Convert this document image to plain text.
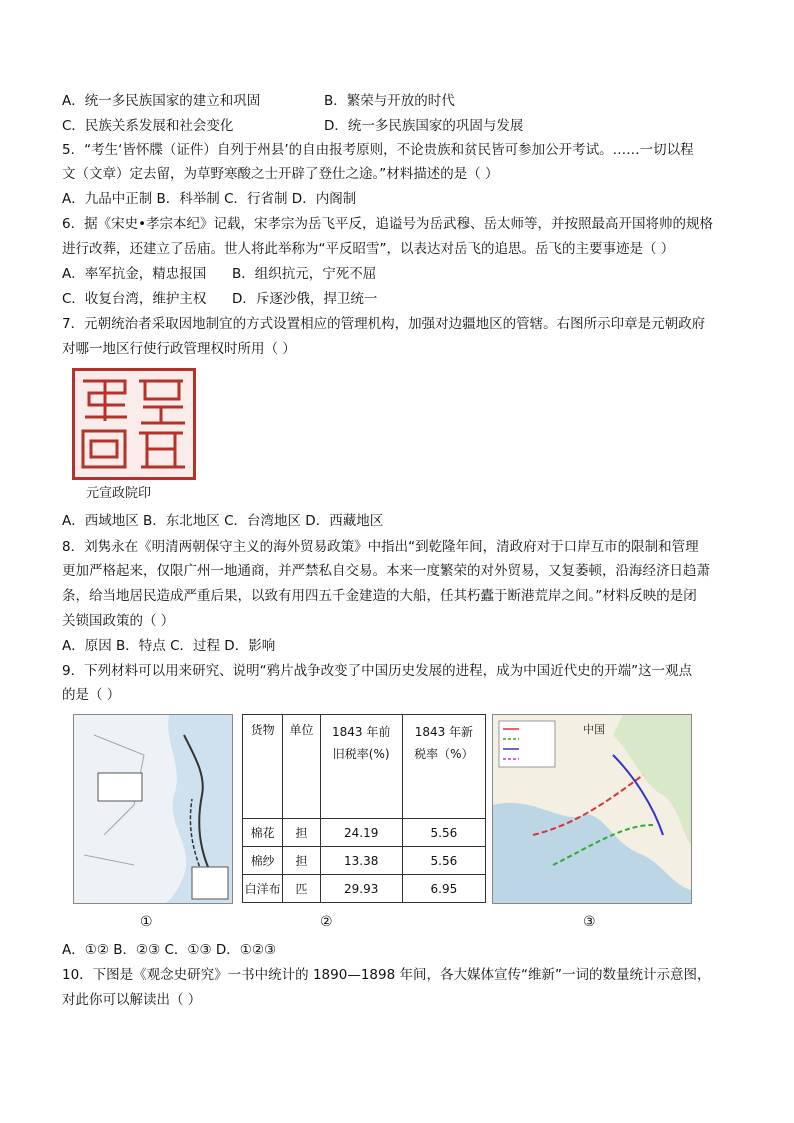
A．统一多民族国家的建立和巩固	B．繁荣与开放的时代
C．民族关系发展和社会变化	D．统一多民族国家的巩固与发展
5．“考生‘皆怀牒（证件）自列于州县’的自由报考原则，不论贵族和贫民皆可参加公开考试。……一切以程
文（文章）定去留，为草野寒酸之士开辟了登仕之途。”材料描述的是（ ）
A．九品中正制 B．科举制 C．行省制 D．内阁制
6．据《宋史•孝宗本纪》记载，宋孝宗为岳飞平反，追谥号为岳武穆、岳太师等，并按照最高开国将帅的规格
进行改葬，还建立了岳庙。世人将此举称为“平反昭雪”，以表达对岳飞的追思。岳飞的主要事迹是（ ）
A．率军抗金，精忠报国 B．组织抗元，宁死不屈
C．收复台湾，维护主权 D．斥逐沙俄，捍卫统一
7．元朝统治者采取因地制宜的方式设置相应的管理机构，加强对边疆地区的管辖。右图所示印章是元朝政府
对哪一地区行使行政管理权时所用（ ）
元宣政院印
A．西域地区 B．东北地区 C．台湾地区 D．西藏地区
8．刘隽永在《明清两朝保守主义的海外贸易政策》中指出“到乾隆年间，清政府对于口岸互市的限制和管理
更加严格起来，仅限广州一地通商，并严禁私自交易。本来一度繁荣的对外贸易，又复萎顿，沿海经济日趋萧
条，给当地居民造成严重后果，以致有用四五千金建造的大船，任其朽蠹于断港荒岸之间。”材料反映的是闭
关锁国政策的（ ）
A．原因 B．特点 C．过程 D．影响
9．下列材料可以用来研究、说明“鸦片战争改变了中国历史发展的进程，成为中国近代史的开端”这一观点
的是（ ）
货物	单位	1843 年前旧税率(%)	1843 年新税率（%）
棉花	担	24.19	5.56
棉纱	担	13.38	5.56
白洋布	匹	29.93	6.95
中国
①	②	③
A．①② B．②③ C．①③ D．①②③
10．下图是《观念史研究》一书中统计的 1890—1898 年间，各大媒体宣传“维新”一词的数量统计示意图，
对此你可以解读出（ ）
